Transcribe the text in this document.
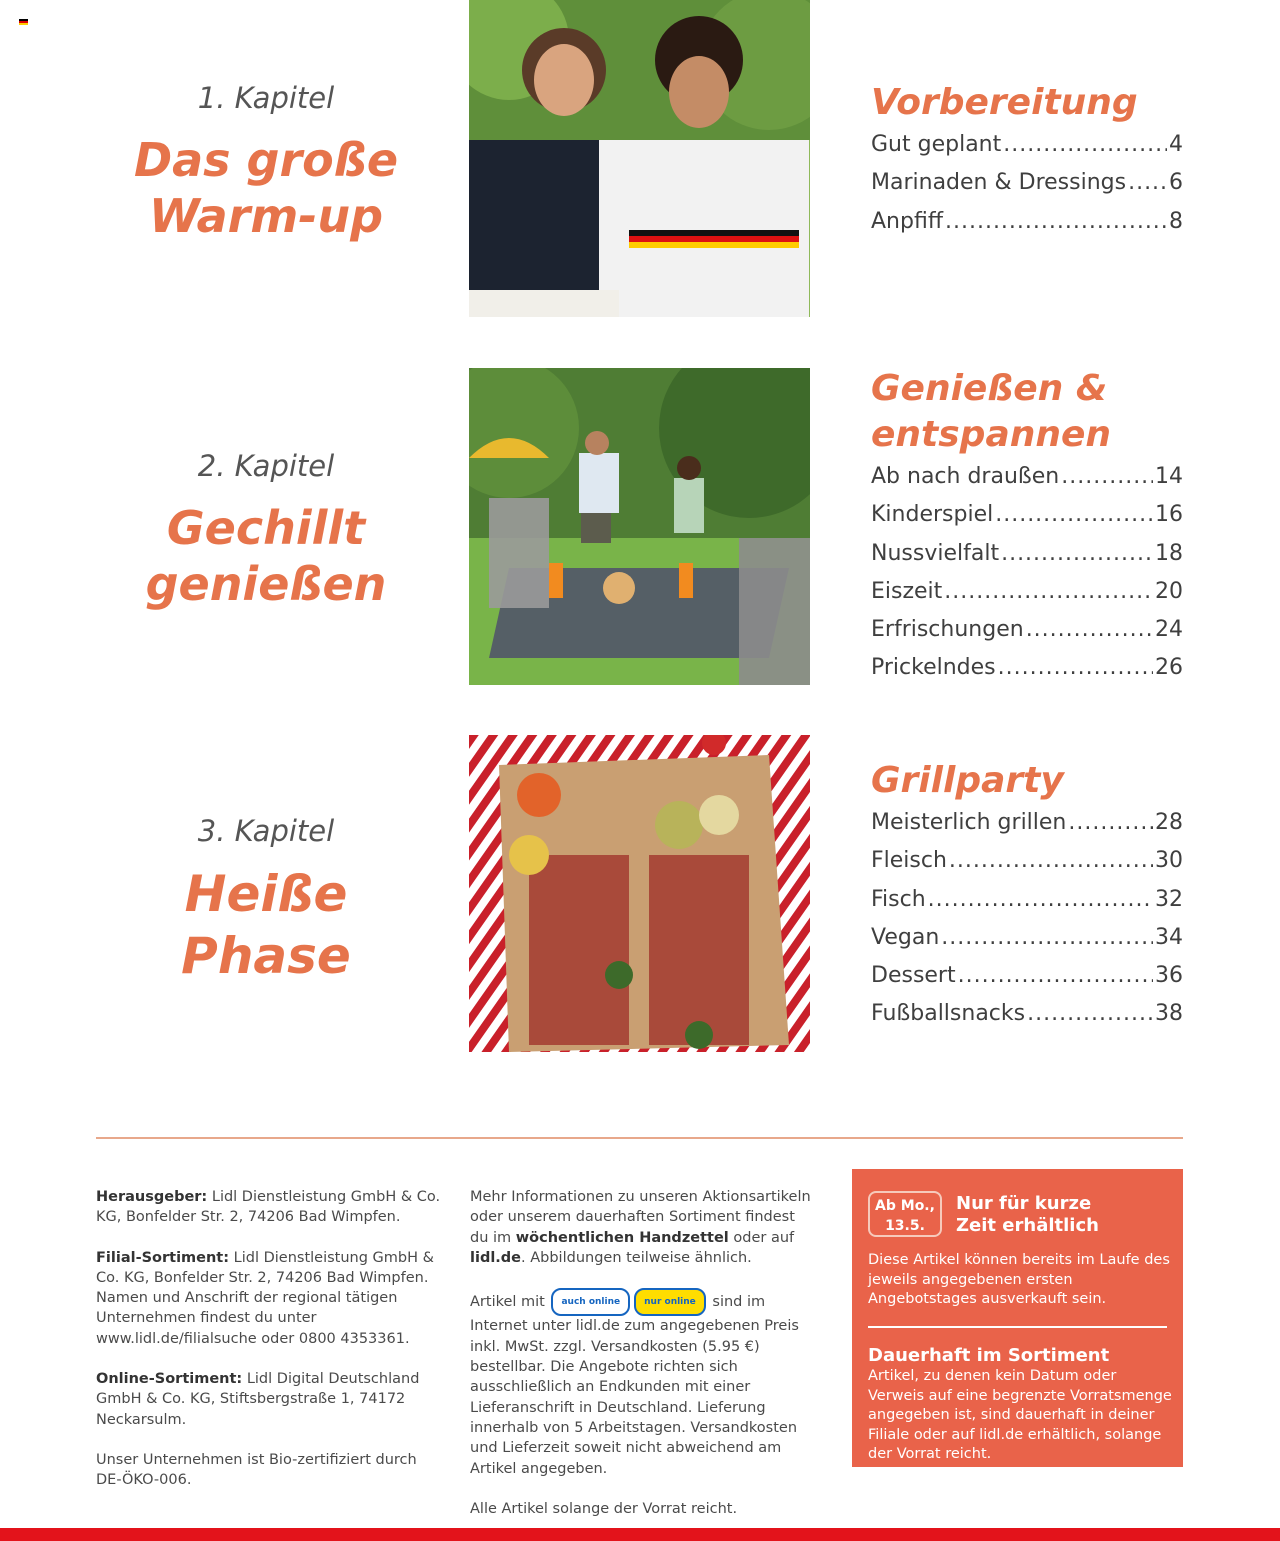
1. Kapitel
Das große
Warm-up
Vorbereitung
Gut geplant .....	4
Marinaden & Dressings ..... 6
Anpfiff .....	8
2. Kapitel
Gechillt
genießen
Genießen &
entspannen
Ab nach draußen .....	14
Kinderspiel .....	16
Nussvielfalt .....	18
Eiszeit .....	20
Erfrischungen .....	24
Prickelndes .....	26
3. Kapitel
Heiße
Phase
Grillparty
Meisterlich grillen .....	28
Fleisch .....	30
Fisch .....	32
Vegan .....	34
Dessert .....	36
Fußballsnacks .....	38

Herausgeber: Lidl Dienstleistung GmbH & Co. KG, Bonfelder Str. 2, 74206 Bad Wimpfen.

Filial-Sortiment: Lidl Dienstleistung GmbH & Co. KG, Bonfelder Str. 2, 74206 Bad Wimpfen. Namen und Anschrift der regional tätigen Unternehmen findest du unter www.lidl.de/filialsuche oder 0800 4353361.

Online-Sortiment: Lidl Digital Deutschland GmbH & Co. KG, Stiftsbergstraße 1, 74172 Neckarsulm.

Unser Unternehmen ist Bio-zertifiziert durch DE-ÖKO-006.

Mehr Informationen zu unseren Aktionsartikeln oder unserem dauerhaften Sortiment findest du im wöchentlichen Handzettel oder auf lidl.de. Abbildungen teilweise ähnlich.

Artikel mit auch online	nur online sind im Internet unter lidl.de zum angegebenen Preis inkl. MwSt. zzgl. Versandkosten (5.95 €) bestellbar. Die Angebote richten sich ausschließlich an Endkunden mit einer Lieferanschrift in Deutschland. Lieferung innerhalb von 5 Arbeitstagen. Versandkosten und Lieferzeit soweit nicht abweichend am Artikel angegeben.

Alle Artikel solange der Vorrat reicht.

Ab Mo.,
13.5.
Nur für kurze
Zeit erhältlich
Diese Artikel können bereits im Laufe des jeweils angegebenen ersten Angebotstages ausverkauft sein.
Dauerhaft im Sortiment
Artikel, zu denen kein Datum oder Verweis auf eine begrenzte Vorratsmenge angegeben ist, sind dauerhaft in deiner Filiale oder auf lidl.de erhältlich, solange der Vorrat reicht.
